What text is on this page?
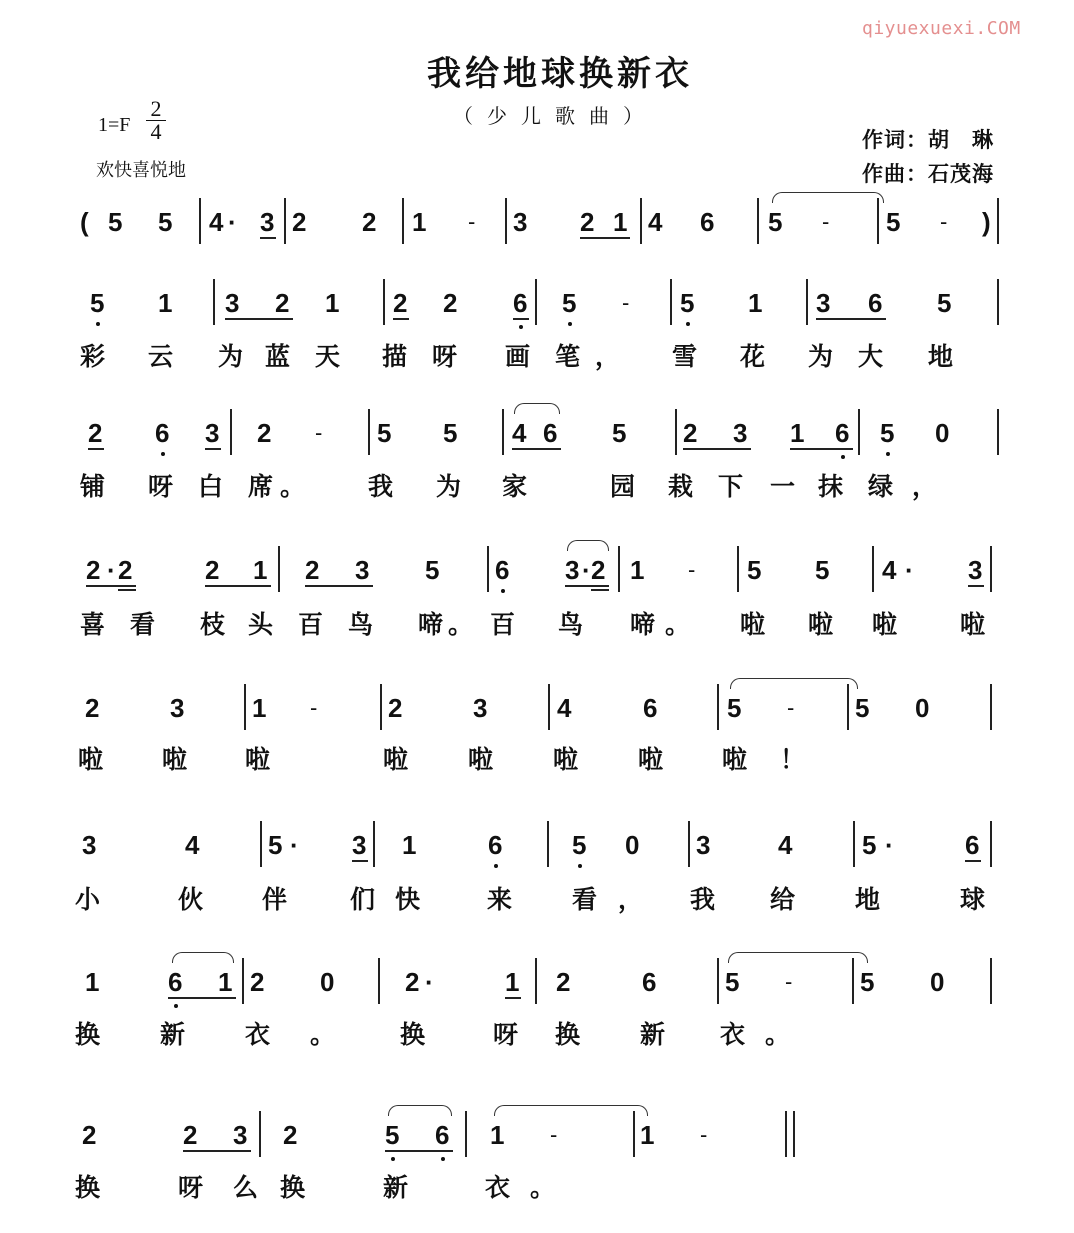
qiyuexuexi.COM
我给地球换新衣
（少儿歌曲）
$1=F \frac{2}{4}$
欢快喜悦地
作词：胡　琳
作曲：石茂海
( 5 5 4 · 3 2 2 1 - 3 2 1 4 6 5 - 5 - )
5 1 3 2 1 2 2 6 5 - 5 1 3 6 5
彩 云 为 蓝 天 描 呀 画 笔 ， 雪 花 为 大 地
2 6 3 2 - 5 5 4 6 5 2 3 1 6 5 0
铺 呀 白 席 。	我 为 家	园 栽 下 一 抹 绿 ，
2 · 2	2 1 2 3 5 6 3 · 2 1 - 5 5 4 · 3
喜 看 枝 头 百 鸟 啼 。 百 鸟 啼 。 啦 啦 啦	啦
2	3	1 -	2	3	4	6	5 - 5 0
啦 啦 啦	啦 啦 啦 啦 啦 ！
3	4	5 · 3 1	6	5 0 3	4	5 ·	6
小	伙 伴	们 快	来 看 ， 我 给 地	球
1	6 1 2 0	2 ·	1 2	6	5 -	5 0
换 新 衣 。	换	呀 换 新 衣 。
2	2 3 2	5 6 1 -	1 -
换	呀 么 换	新	衣 。
